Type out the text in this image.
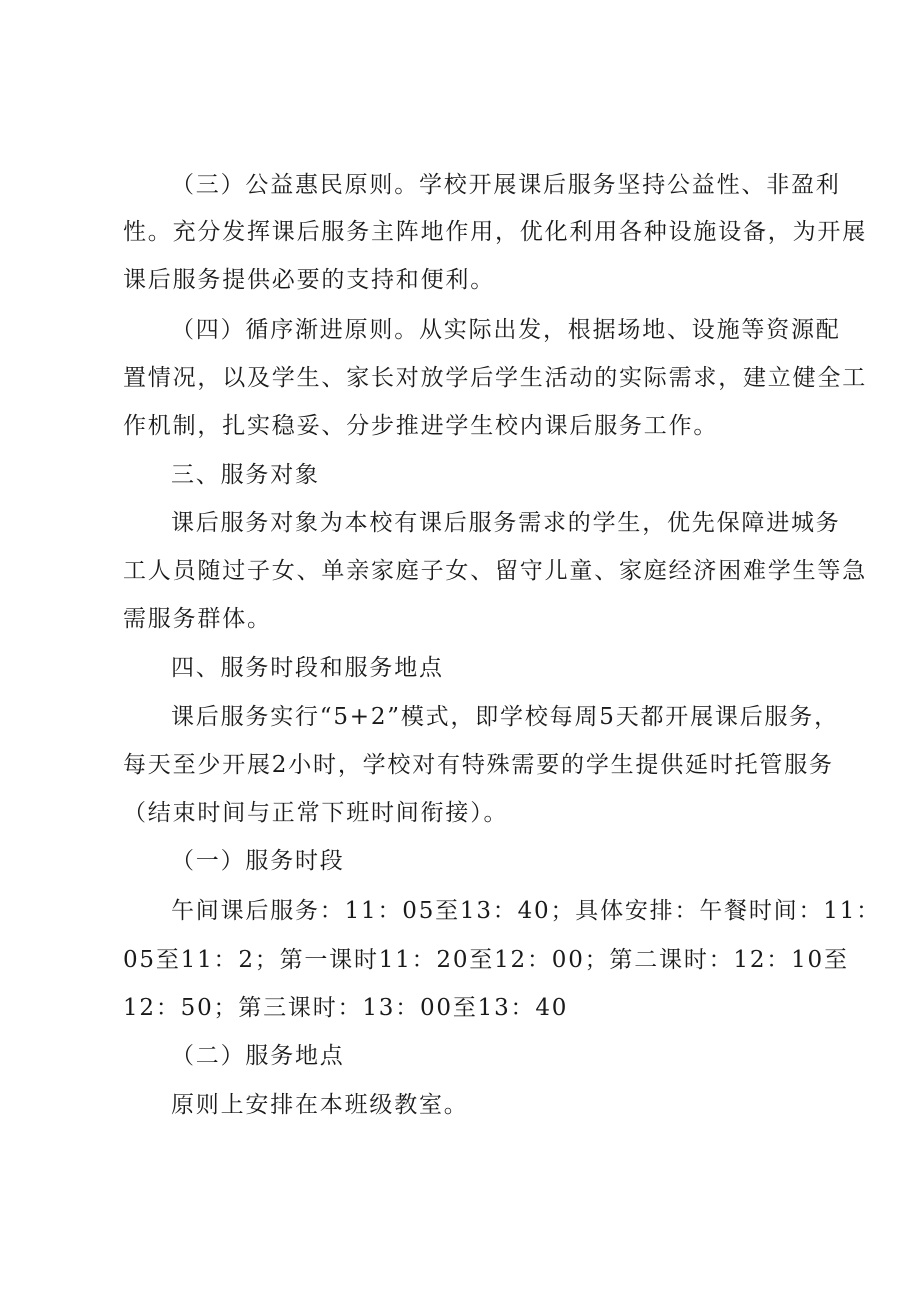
（三）公益惠民原则。学校开展课后服务坚持公益性、非盈利
性。充分发挥课后服务主阵地作用，优化利用各种设施设备，为开展
课后服务提供必要的支持和便利。
（四）循序渐进原则。从实际出发，根据场地、设施等资源配
置情况，以及学生、家长对放学后学生活动的实际需求，建立健全工
作机制，扎实稳妥、分步推进学生校内课后服务工作。
三、服务对象
课后服务对象为本校有课后服务需求的学生，优先保障进城务
工人员随过子女、单亲家庭子女、留守儿童、家庭经济困难学生等急
需服务群体。
四、服务时段和服务地点
课后服务实行“5+2”模式，即学校每周5天都开展课后服务，
每天至少开展2小时，学校对有特殊需要的学生提供延时托管服务
（结束时间与正常下班时间衔接）。
（一）服务时段
午间课后服务：11：05至13：40；具体安排：午餐时间：11：
05至11：2；第一课时11：20至12：00；第二课时：12：10至
12：50；第三课时：13：00至13：40
（二）服务地点
原则上安排在本班级教室。
